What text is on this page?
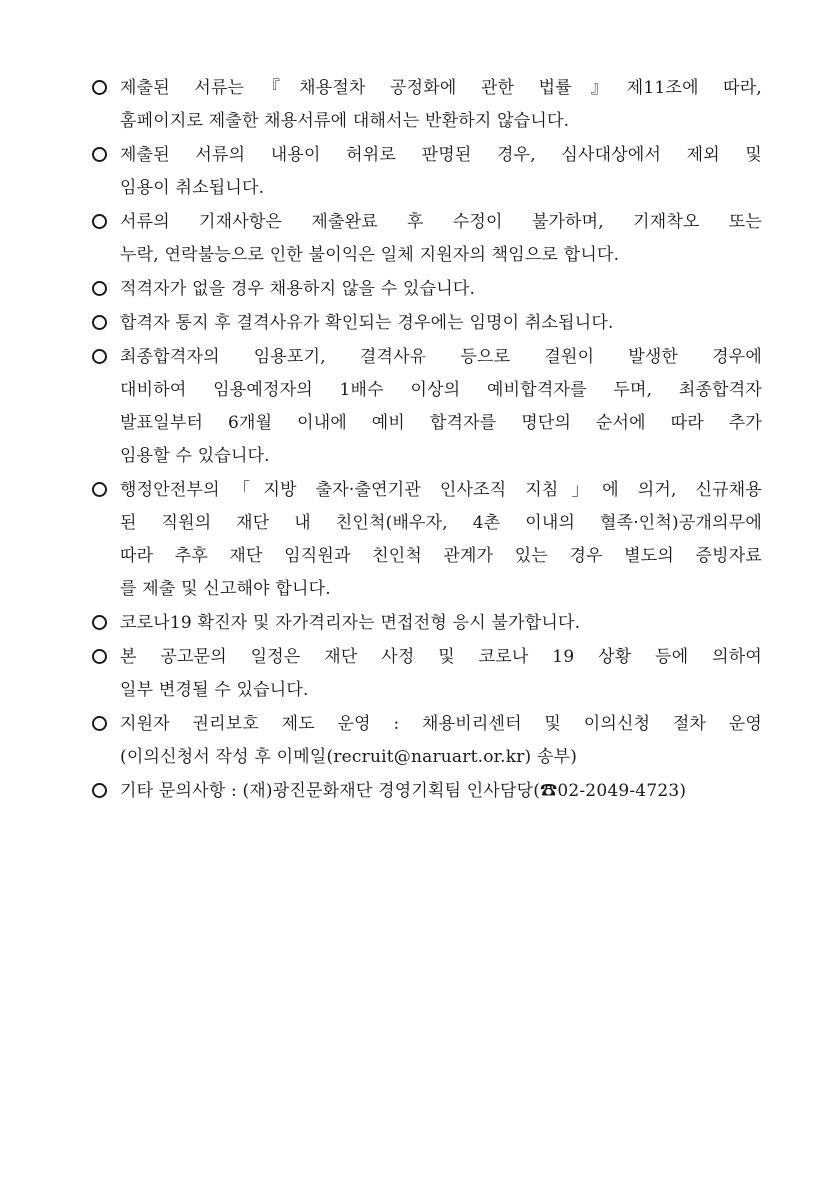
제출된 서류는『채용절차 공정화에 관한 법률』제11조에 따라,
홈페이지로 제출한 채용서류에 대해서는 반환하지 않습니다.
제출된 서류의 내용이 허위로 판명된 경우, 심사대상에서 제외 및
임용이 취소됩니다.
서류의 기재사항은 제출완료 후 수정이 불가하며, 기재착오 또는
누락, 연락불능으로 인한 불이익은 일체 지원자의 책임으로 합니다.
적격자가 없을 경우 채용하지 않을 수 있습니다.
합격자 통지 후 결격사유가 확인되는 경우에는 임명이 취소됩니다.
최종합격자의 임용포기, 결격사유 등으로 결원이 발생한 경우에
대비하여 임용예정자의 1배수 이상의 예비합격자를 두며, 최종합격자
발표일부터 6개월 이내에 예비 합격자를 명단의 순서에 따라 추가
임용할 수 있습니다.
행정안전부의「지방 출자·출연기관 인사조직 지침」에 의거, 신규채용
된 직원의 재단 내 친인척(배우자, 4촌 이내의 혈족·인척)공개의무에
따라 추후 재단 임직원과 친인척 관계가 있는 경우 별도의 증빙자료
를 제출 및 신고해야 합니다.
코로나19 확진자 및 자가격리자는 면접전형 응시 불가합니다.
본 공고문의 일정은 재단 사정 및 코로나 19 상황 등에 의하여
일부 변경될 수 있습니다.
지원자 권리보호 제도 운영 : 채용비리센터 및 이의신청 절차 운영
(이의신청서 작성 후 이메일(recruit@naruart.or.kr) 송부)
기타 문의사항 : (재)광진문화재단 경영기획팀 인사담당(☎02-2049-4723)
